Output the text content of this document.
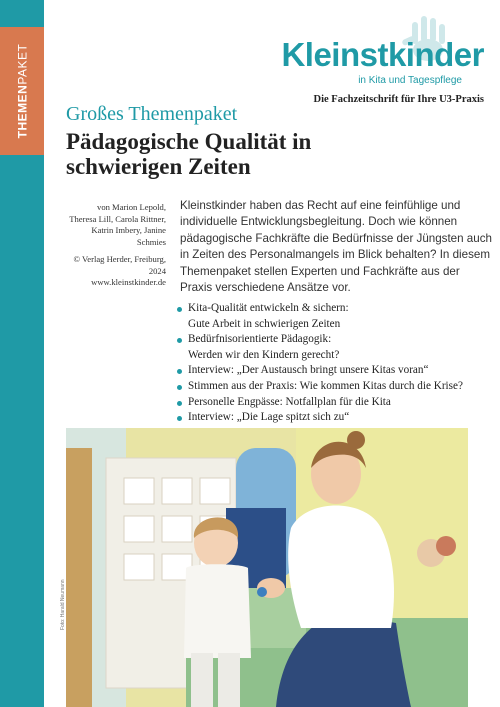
THEMENPAKET	Kleinstkinder
in Kita und Tagespflege
Die Fachzeitschrift für Ihre U3-Praxis
Großes Themenpaket
Pädagogische Qualität in
schwierigen Zeiten
von Marion Lepold,
Theresa Lill, Carola Rittner,
Katrin Imbery, Janine Schmies
© Verlag Herder, Freiburg, 2024
www.kleinstkinder.de

Kleinstkinder haben das Recht auf eine feinfühlige und individuelle Entwicklungsbegleitung. Doch wie können pädagogische Fachkräfte die Bedürfnisse der Jüngsten auch in Zeiten des Personalmangels im Blick behalten? In diesem Themenpaket stellen Experten und Fachkräfte aus der Praxis verschiedene Ansätze vor.

Kita-Qualität entwickeln & sichern:
Gute Arbeit in schwierigen Zeiten
Bedürfnisorientierte Pädagogik:
Werden wir den Kindern gerecht?
Interview: „Der Austausch bringt unsere Kitas voran“
Stimmen aus der Praxis: Wie kommen Kitas durch die Krise?
Personelle Engpässe: Notfallplan für die Kita
Interview: „Die Lage spitzt sich zu“
Foto: Harald Neumann
